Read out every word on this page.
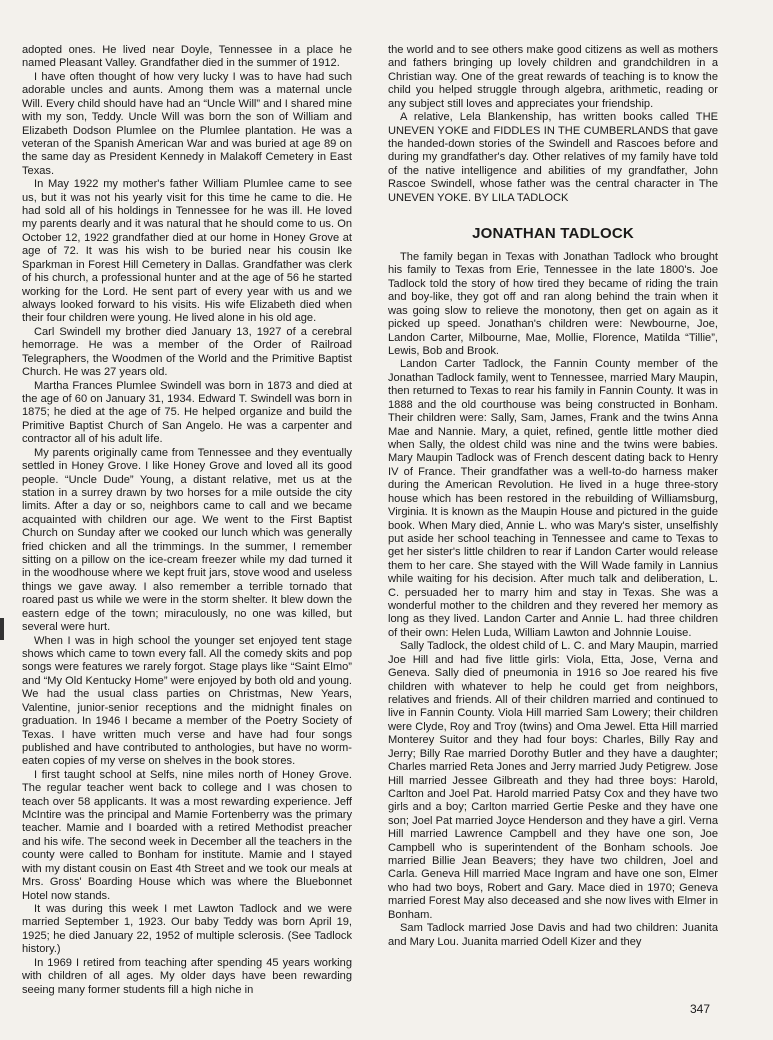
adopted ones. He lived near Doyle, Tennessee in a place he named Pleasant Valley. Grandfather died in the summer of 1912.

I have often thought of how very lucky I was to have had such adorable uncles and aunts. Among them was a maternal uncle Will. Every child should have had an “Uncle Will” and I shared mine with my son, Teddy. Uncle Will was born the son of William and Elizabeth Dodson Plumlee on the Plumlee plantation. He was a veteran of the Spanish American War and was buried at age 89 on the same day as President Kennedy in Malakoff Cemetery in East Texas.

In May 1922 my mother's father William Plumlee came to see us, but it was not his yearly visit for this time he came to die. He had sold all of his holdings in Tennessee for he was ill. He loved my parents dearly and it was natural that he should come to us. On October 12, 1922 grandfather died at our home in Honey Grove at age of 72. It was his wish to be buried near his cousin Ike Sparkman in Forest Hill Cemetery in Dallas. Grandfather was clerk of his church, a professional hunter and at the age of 56 he started working for the Lord. He sent part of every year with us and we always looked forward to his visits. His wife Elizabeth died when their four children were young. He lived alone in his old age.

Carl Swindell my brother died January 13, 1927 of a cerebral hemorrage. He was a member of the Order of Railroad Telegraphers, the Woodmen of the World and the Primitive Baptist Church. He was 27 years old.

Martha Frances Plumlee Swindell was born in 1873 and died at the age of 60 on January 31, 1934. Edward T. Swindell was born in 1875; he died at the age of 75. He helped organize and build the Primitive Baptist Church of San Angelo. He was a carpenter and contractor all of his adult life.

My parents originally came from Tennessee and they eventually settled in Honey Grove. I like Honey Grove and loved all its good people. “Uncle Dude” Young, a distant relative, met us at the station in a surrey drawn by two horses for a mile outside the city limits. After a day or so, neighbors came to call and we became acquainted with children our age. We went to the First Baptist Church on Sunday after we cooked our lunch which was generally fried chicken and all the trimmings. In the summer, I remember sitting on a pillow on the ice-cream freezer while my dad turned it in the woodhouse where we kept fruit jars, stove wood and useless things we gave away. I also remember a terrible tornado that roared past us while we were in the storm shelter. It blew down the eastern edge of the town; miraculously, no one was killed, but several were hurt.

When I was in high school the younger set enjoyed tent stage shows which came to town every fall. All the comedy skits and pop songs were features we rarely forgot. Stage plays like “Saint Elmo” and “My Old Kentucky Home” were enjoyed by both old and young. We had the usual class parties on Christmas, New Years, Valentine, junior-senior receptions and the midnight finales on graduation. In 1946 I became a member of the Poetry Society of Texas. I have written much verse and have had four songs published and have contributed to anthologies, but have no worm-eaten copies of my verse on shelves in the book stores.

I first taught school at Selfs, nine miles north of Honey Grove. The regular teacher went back to college and I was chosen to teach over 58 applicants. It was a most rewarding experience. Jeff McIntire was the principal and Mamie Fortenberry was the primary teacher. Mamie and I boarded with a retired Methodist preacher and his wife. The second week in December all the teachers in the county were called to Bonham for institute. Mamie and I stayed with my distant cousin on East 4th Street and we took our meals at Mrs. Gross' Boarding House which was where the Bluebonnet Hotel now stands.

It was during this week I met Lawton Tadlock and we were married September 1, 1923. Our baby Teddy was born April 19, 1925; he died January 22, 1952 of multiple sclerosis. (See Tadlock history.)

In 1969 I retired from teaching after spending 45 years working with children of all ages. My older days have been rewarding seeing many former students fill a high niche in

the world and to see others make good citizens as well as mothers and fathers bringing up lovely children and grandchildren in a Christian way. One of the great rewards of teaching is to know the child you helped struggle through algebra, arithmetic, reading or any subject still loves and appreciates your friendship.

A relative, Lela Blankenship, has written books called THE UNEVEN YOKE and FIDDLES IN THE CUMBERLANDS that gave the handed-down stories of the Swindell and Rascoes before and during my grandfather's day. Other relatives of my family have told of the native intelligence and abilities of my grandfather, John Rascoe Swindell, whose father was the central character in The UNEVEN YOKE. BY LILA TADLOCK

JONATHAN TADLOCK

The family began in Texas with Jonathan Tadlock who brought his family to Texas from Erie, Tennessee in the late 1800's. Joe Tadlock told the story of how tired they became of riding the train and boy-like, they got off and ran along behind the train when it was going slow to relieve the monotony, then get on again as it picked up speed. Jonathan's children were: Newbourne, Joe, Landon Carter, Milbourne, Mae, Mollie, Florence, Matilda “Tillie”, Lewis, Bob and Brook.

Landon Carter Tadlock, the Fannin County member of the Jonathan Tadlock family, went to Tennessee, married Mary Maupin, then returned to Texas to rear his family in Fannin County. It was in 1888 and the old courthouse was being constructed in Bonham. Their children were: Sally, Sam, James, Frank and the twins Anna Mae and Nannie. Mary, a quiet, refined, gentle little mother died when Sally, the oldest child was nine and the twins were babies. Mary Maupin Tadlock was of French descent dating back to Henry IV of France. Their grandfather was a well-to-do harness maker during the American Revolution. He lived in a huge three-story house which has been restored in the rebuilding of Williamsburg, Virginia. It is known as the Maupin House and pictured in the guide book. When Mary died, Annie L. who was Mary's sister, unselfishly put aside her school teaching in Tennessee and came to Texas to get her sister's little children to rear if Landon Carter would release them to her care. She stayed with the Will Wade family in Lannius while waiting for his decision. After much talk and deliberation, L. C. persuaded her to marry him and stay in Texas. She was a wonderful mother to the children and they revered her memory as long as they lived. Landon Carter and Annie L. had three children of their own: Helen Luda, William Lawton and Johnnie Louise.

Sally Tadlock, the oldest child of L. C. and Mary Maupin, married Joe Hill and had five little girls: Viola, Etta, Jose, Verna and Geneva. Sally died of pneumonia in 1916 so Joe reared his five children with whatever to help he could get from neighbors, relatives and friends. All of their children married and continued to live in Fannin County. Viola Hill married Sam Lowery; their children were Clyde, Roy and Troy (twins) and Oma Jewel. Etta Hill married Monterey Suitor and they had four boys: Charles, Billy Ray and Jerry; Billy Rae married Dorothy Butler and they have a daughter; Charles married Reta Jones and Jerry married Judy Petigrew. Jose Hill married Jessee Gilbreath and they had three boys: Harold, Carlton and Joel Pat. Harold married Patsy Cox and they have two girls and a boy; Carlton married Gertie Peske and they have one son; Joel Pat married Joyce Henderson and they have a girl. Verna Hill married Lawrence Campbell and they have one son, Joe Campbell who is superintendent of the Bonham schools. Joe married Billie Jean Beavers; they have two children, Joel and Carla. Geneva Hill married Mace Ingram and have one son, Elmer who had two boys, Robert and Gary. Mace died in 1970; Geneva married Forest May also deceased and she now lives with Elmer in Bonham.

Sam Tadlock married Jose Davis and had two children: Juanita and Mary Lou. Juanita married Odell Kizer and they

347
